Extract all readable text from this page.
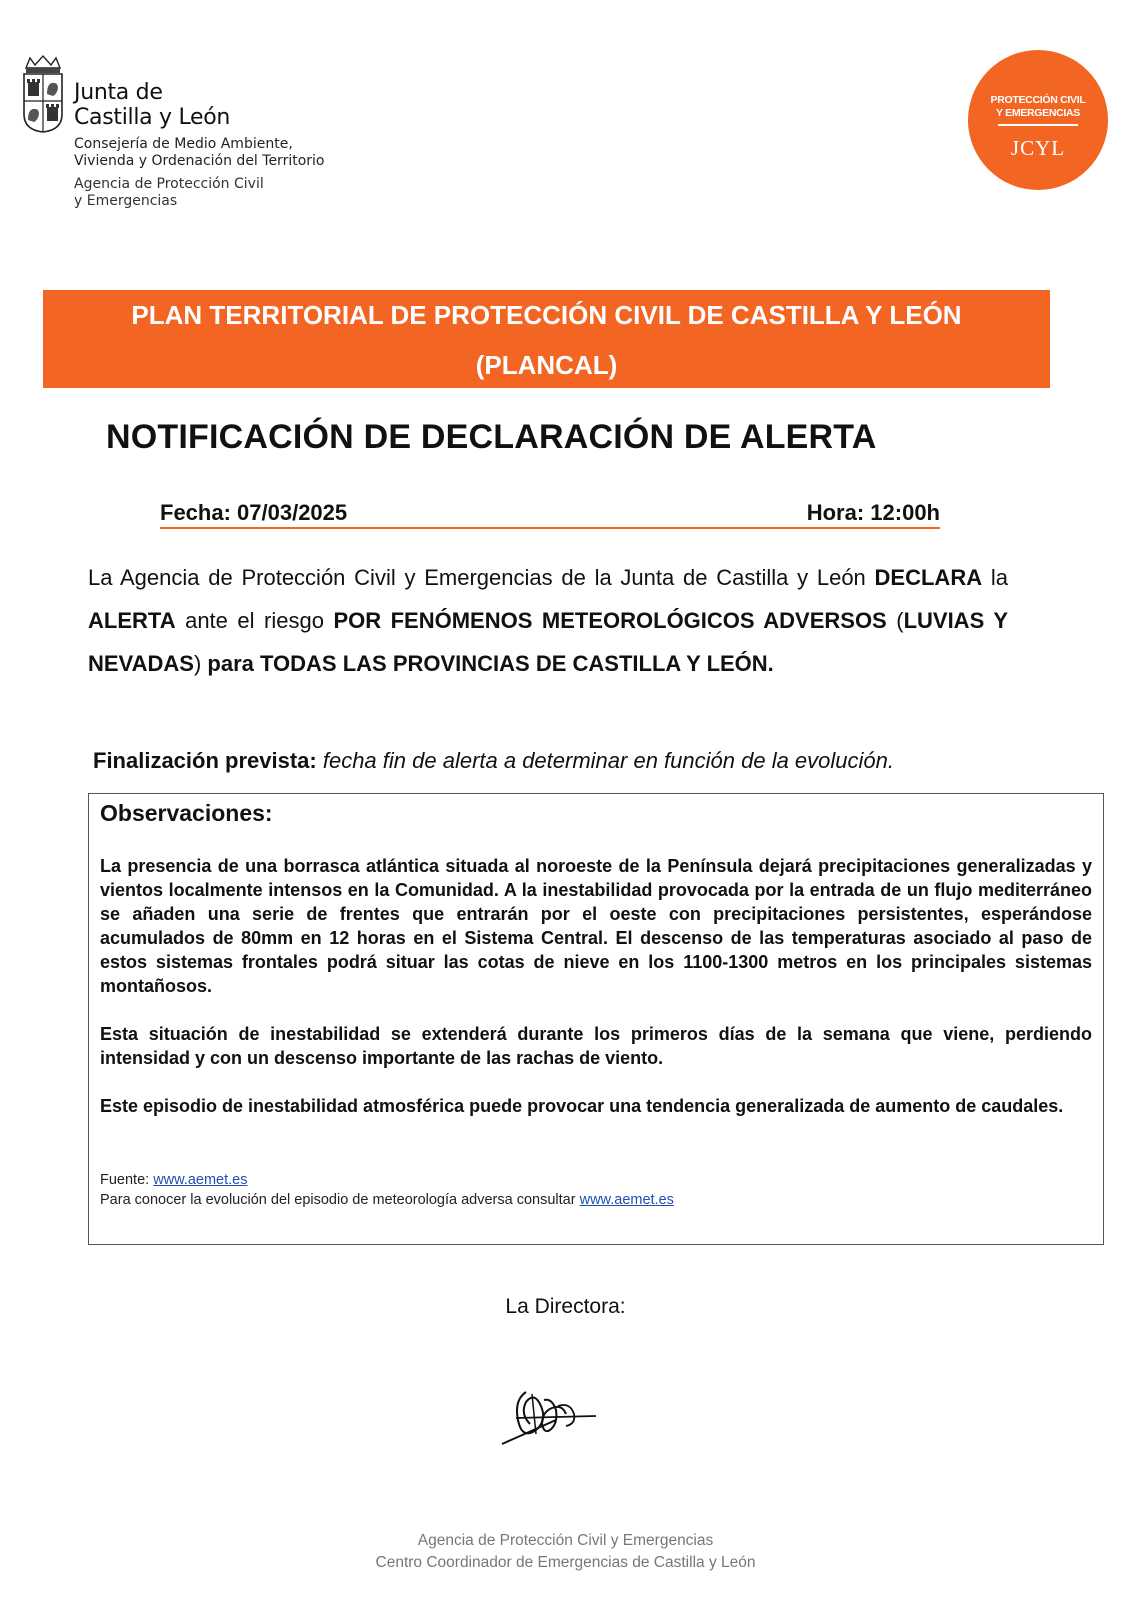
Junta de
Castilla y León
Consejería de Medio Ambiente,
Vivienda y Ordenación del Territorio
Agencia de Protección Civil
y Emergencias
PROTECCIÓN CIVIL
Y EMERGENCIAS
JCYL
PLAN TERRITORIAL DE PROTECCIÓN CIVIL DE CASTILLA Y LEÓN
(PLANCAL)
NOTIFICACIÓN DE DECLARACIÓN DE ALERTA
Fecha: 07/03/2025	Hora: 12:00h
La Agencia de Protección Civil y Emergencias de la Junta de Castilla y León DECLARA la ALERTA ante el riesgo POR FENÓMENOS METEOROLÓGICOS ADVERSOS (LUVIAS Y NEVADAS) para TODAS LAS PROVINCIAS DE CASTILLA Y LEÓN.
Finalización prevista: fecha fin de alerta a determinar en función de la evolución.
Observaciones:

La presencia de una borrasca atlántica situada al noroeste de la Península dejará precipitaciones generalizadas y vientos localmente intensos en la Comunidad. A la inestabilidad provocada por la entrada de un flujo mediterráneo se añaden una serie de frentes que entrarán por el oeste con precipitaciones persistentes, esperándose acumulados de 80mm en 12 horas en el Sistema Central. El descenso de las temperaturas asociado al paso de estos sistemas frontales podrá situar las cotas de nieve en los 1100-1300 metros en los principales sistemas montañosos.

Esta situación de inestabilidad se extenderá durante los primeros días de la semana que viene, perdiendo intensidad y con un descenso importante de las rachas de viento.

Este episodio de inestabilidad atmosférica puede provocar una tendencia generalizada de aumento de caudales.

Fuente: www.aemet.es
Para conocer la evolución del episodio de meteorología adversa consultar www.aemet.es
La Directora:
Agencia de Protección Civil y Emergencias
Centro Coordinador de Emergencias de Castilla y León
